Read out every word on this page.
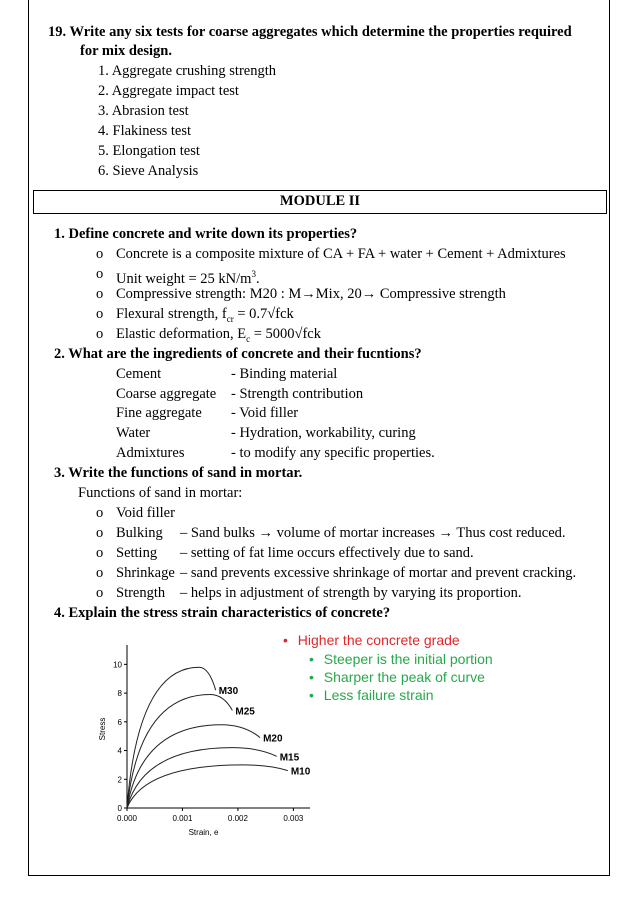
19. Write any six tests for coarse aggregates which determine the properties required
for mix design.
1. Aggregate crushing strength
2. Aggregate impact test
3. Abrasion test
4. Flakiness test
5. Elongation test
6. Sieve Analysis
MODULE II
1. Define concrete and write down its properties?
o Concrete is a composite mixture of CA + FA + water + Cement + Admixtures
o Unit weight = 25 $kN/m^3$.
o Compressive strength: M20 : M→Mix, 20→ Compressive strength
o Flexural strength, $f_{cr} = 0.7√fck$
o Elastic deformation, $E_c = 5000√fck$
2. What are the ingredients of concrete and their fucntions?
Cement	- Binding material
Coarse aggregate - Strength contribution
Fine aggregate - Void filler
Water	- Hydration, workability, curing
Admixtures	- to modify any specific properties.
3. Write the functions of sand in mortar.
Functions of sand in mortar:
o Void filler
o Bulking – Sand bulks → volume of mortar increases → Thus cost reduced.
o Setting – setting of fat lime occurs effectively due to sand.
o Shrinkage – sand prevents excessive shrinkage of mortar and prevent cracking.
o Strength – helps in adjustment of strength by varying its proportion.
4. Explain the stress strain characteristics of concrete?
0.000	0.001	0.002	0.003
0
2
4
6
8
10
Strain, e
Stress
M30
M25
M20
M15
M10
• Higher the concrete grade
• Steeper is the initial portion
• Sharper the peak of curve
• Less failure strain
